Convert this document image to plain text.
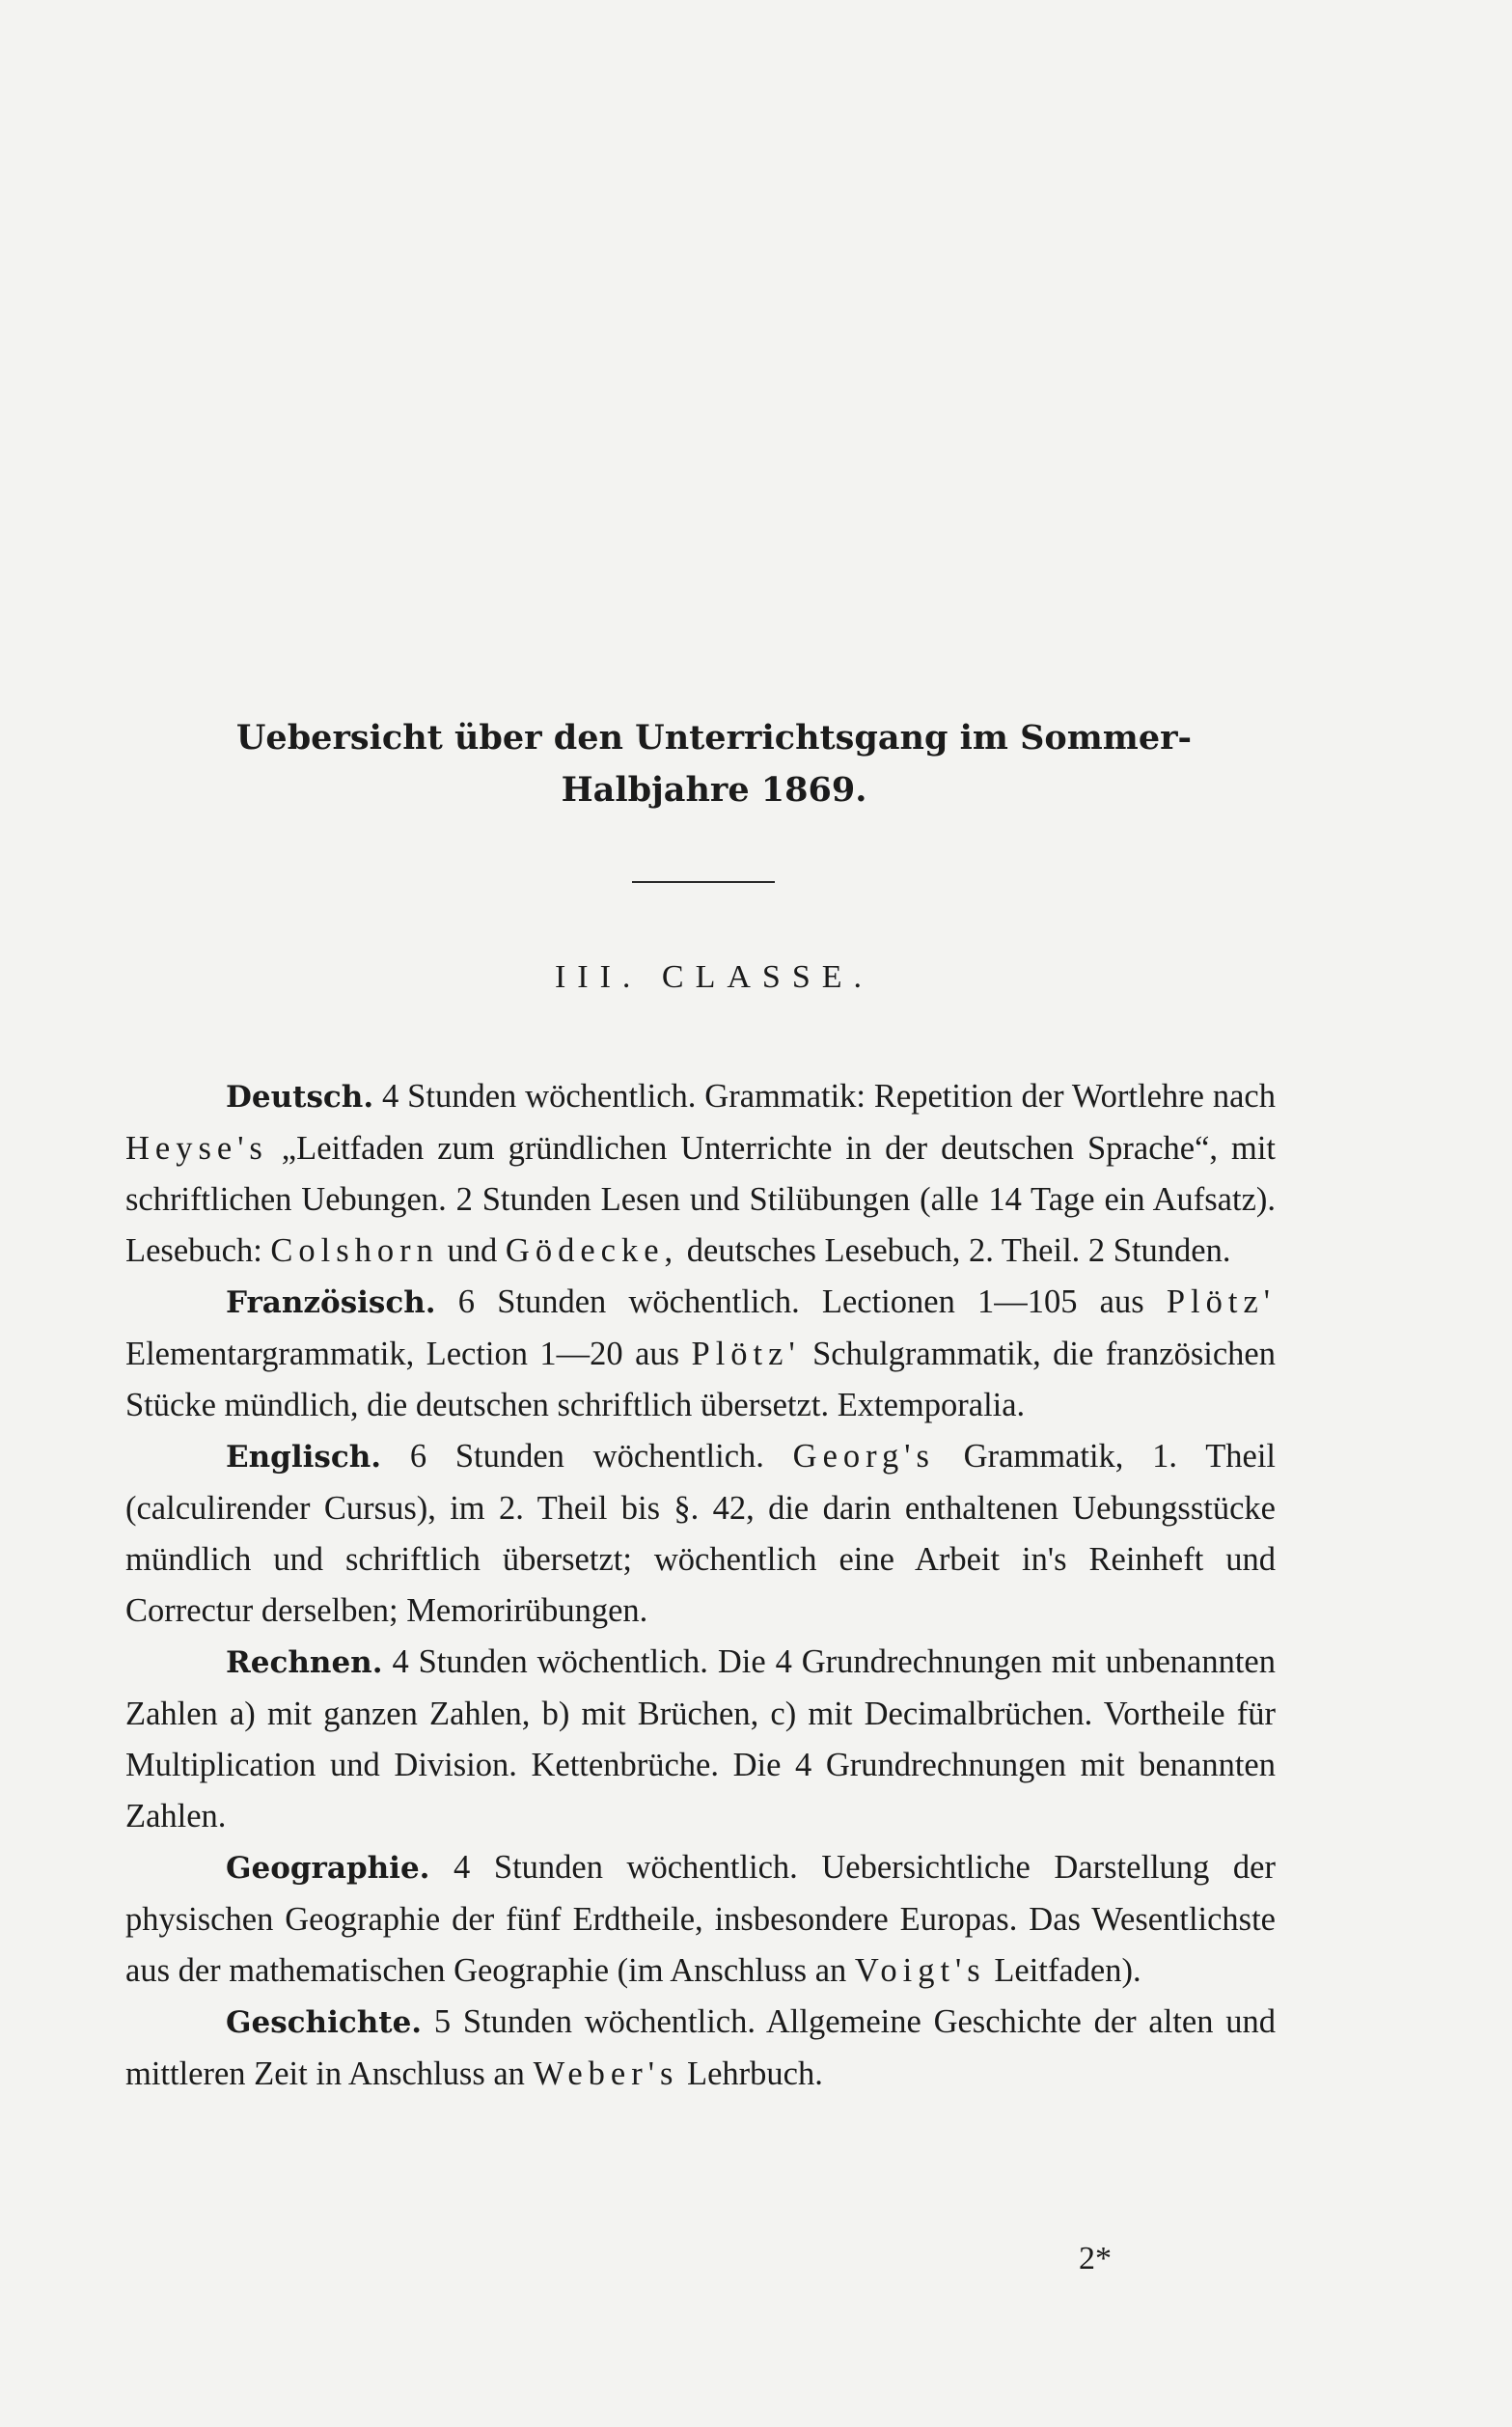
Uebersicht über den Unterrichtsgang im Sommer-
Halbjahre 1869.
III. CLASSE.

Deutsch. 4 Stunden wöchentlich. Grammatik: Repetition der Wortlehre nach Heyse's „Leitfaden zum gründlichen Unterrichte in der deutschen Sprache“, mit schriftlichen Uebungen. 2 Stunden Lesen und Stilübungen (alle 14 Tage ein Aufsatz). Lesebuch: Colshorn und Gödecke, deutsches Lesebuch, 2. Theil. 2 Stunden.

Französisch. 6 Stunden wöchentlich. Lectionen 1—105 aus Plötz' Elementargrammatik, Lection 1—20 aus Plötz' Schulgrammatik, die französichen Stücke mündlich, die deutschen schriftlich übersetzt. Extemporalia.

Englisch. 6 Stunden wöchentlich. Georg's Grammatik, 1. Theil (calculirender Cursus), im 2. Theil bis §. 42, die darin enthaltenen Uebungsstücke mündlich und schriftlich übersetzt; wöchentlich eine Arbeit in's Reinheft und Correctur derselben; Memorirübungen.

Rechnen. 4 Stunden wöchentlich. Die 4 Grundrechnungen mit unbenannten Zahlen a) mit ganzen Zahlen, b) mit Brüchen, c) mit Decimalbrüchen. Vortheile für Multiplication und Division. Kettenbrüche. Die 4 Grundrechnungen mit benannten Zahlen.

Geographie. 4 Stunden wöchentlich. Uebersichtliche Darstellung der physischen Geographie der fünf Erdtheile, insbesondere Europas. Das Wesentlichste aus der mathematischen Geographie (im Anschluss an Voigt's Leitfaden).

Geschichte. 5 Stunden wöchentlich. Allgemeine Geschichte der alten und mittleren Zeit in Anschluss an Weber's Lehrbuch.

2*
